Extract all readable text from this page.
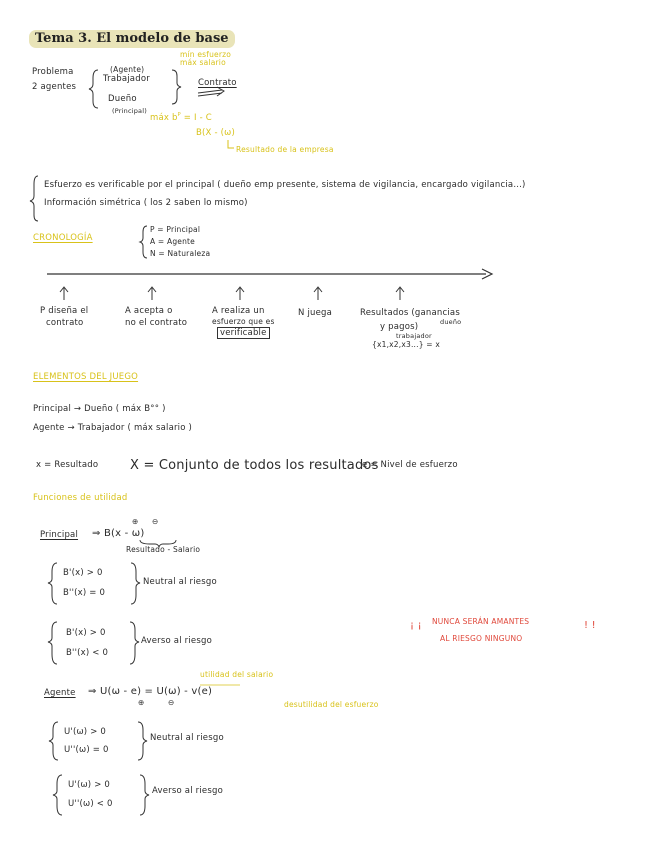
Tema 3. El modelo de base
mín esfuerzo
máx salario
Problema
2 agentes
(Agente)
Trabajador	Contrato
Dueño
(Principal)
máx $b^P = I - C$
B(X - (ω)
Resultado de la empresa
Esfuerzo es verificable por el principal ( dueño emp presente, sistema de vigilancia, encargado vigilancia...)
Información simétrica ( los 2 saben lo mismo)
CRONOLOGÍA
P = Principal
A = Agente
N = Naturaleza
P diseña el
contrato
A acepta o
no el contrato
A realiza un
esfuerzo que es
verificable
N juega	Resultados (ganancias
dueño
y pagos)
trabajador
{x1,x2,x3...} = x
ELEMENTOS DEL JUEGO
Principal → Dueño ( máx B°° )
Agente → Trabajador ( máx salario )
x = Resultado X = Conjunto de todos los resultados
e = Nivel de esfuerzo
Funciones de utilidad
Principal ⇒ B(x - ω)
⊕ ⊖
Resultado - Salario
B'(x) > 0
B''(x) = 0
Neutral al riesgo
B'(x) > 0
B''(x) < 0
Averso al riesgo
¡ ¡ NUNCA SERÁN AMANTES
AL RIESGO NINGUNO
! !
utilidad del salario
Agente ⇒ U(ω - e) = U(ω) - v(e)
⊕	⊖	desutilidad del esfuerzo
U'(ω) > 0
U''(ω) = 0
Neutral al riesgo
U'(ω) > 0
U''(ω) < 0
Averso al riesgo
